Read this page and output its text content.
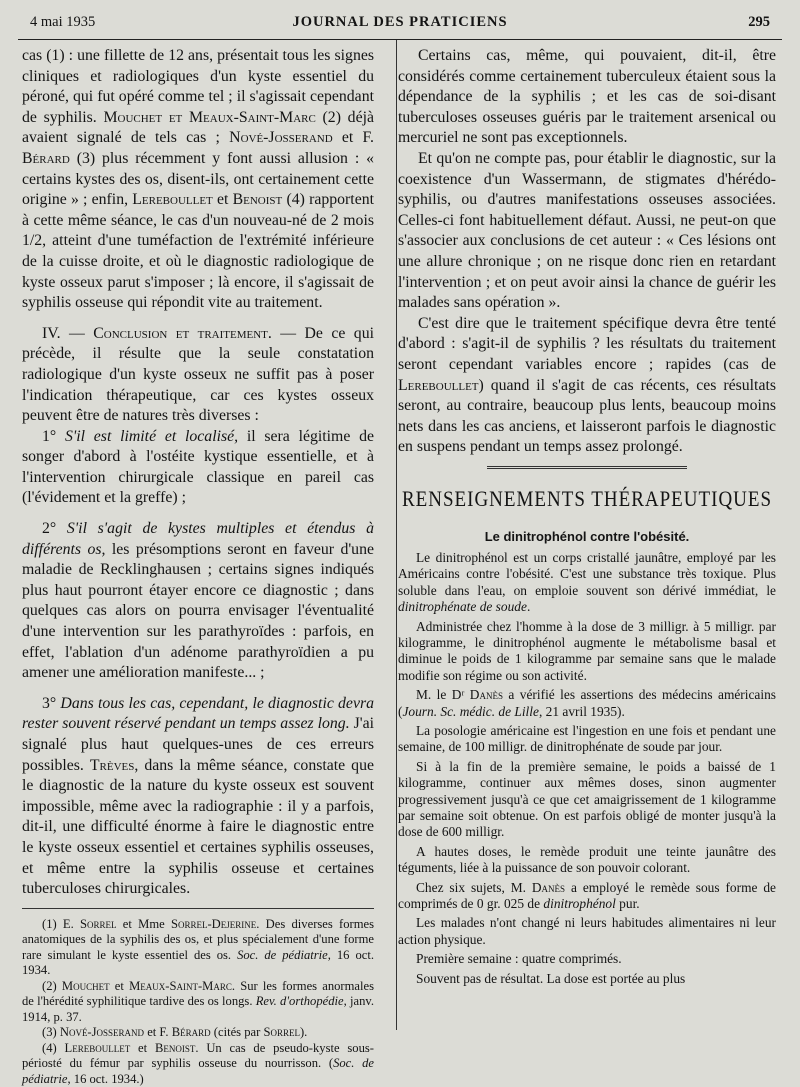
4 mai 1935	JOURNAL DES PRATICIENS	295

cas (1) : une fillette de 12 ans, présentait tous les signes cliniques et radiologiques d'un kyste essentiel du péroné, qui fut opéré comme tel ; il s'agissait cependant de syphilis. Mouchet et Meaux-Saint-Marc (2) déjà avaient signalé de tels cas ; Nové-Josserand et F. Bérard (3) plus récemment y font aussi allusion : « certains kystes des os, disent-ils, ont certainement cette origine » ; enfin, Lereboullet et Benoist (4) rapportent à cette même séance, le cas d'un nouveau-né de 2 mois 1/2, atteint d'une tuméfaction de l'extrémité inférieure de la cuisse droite, et où le diagnostic radiologique de kyste osseux parut s'imposer ; là encore, il s'agissait de syphilis osseuse qui répondit vite au traitement.

IV. — Conclusion et traitement. — De ce qui précède, il résulte que la seule constatation radiologique d'un kyste osseux ne suffit pas à poser l'indication thérapeutique, car ces kystes osseux peuvent être de natures très diverses :

1° S'il est limité et localisé, il sera légitime de songer d'abord à l'ostéite kystique essentielle, et à l'intervention chirurgicale classique en pareil cas (l'évidement et la greffe) ;

2° S'il s'agit de kystes multiples et étendus à différents os, les présomptions seront en faveur d'une maladie de Recklinghausen ; certains signes indiqués plus haut pourront étayer encore ce diagnostic ; dans quelques cas alors on pourra envisager l'éventualité d'une intervention sur les parathyroïdes : parfois, en effet, l'ablation d'un adénome parathyroïdien a pu amener une amélioration manifeste... ;

3° Dans tous les cas, cependant, le diagnostic devra rester souvent réservé pendant un temps assez long. J'ai signalé plus haut quelques-unes de ces erreurs possibles. Trèves, dans la même séance, constate que le diagnostic de la nature du kyste osseux est souvent impossible, même avec la radiographie : il y a parfois, dit-il, une difficulté énorme à faire le diagnostic entre le kyste osseux essentiel et certaines syphilis osseuses, et même entre la syphilis osseuse et certaines tuberculoses chirurgicales.

(1) E. Sorrel et Mme Sorrel-Dejerine. Des diverses formes anatomiques de la syphilis des os, et plus spécialement d'une forme rare simulant le kyste essentiel des os. Soc. de pédiatrie, 16 oct. 1934.

(2) Mouchet et Meaux-Saint-Marc. Sur les formes anormales de l'hérédité syphilitique tardive des os longs. Rev. d'orthopédie, janv. 1914, p. 37.

(3) Nové-Josserand et F. Bérard (cités par Sorrel).

(4) Lereboullet et Benoist. Un cas de pseudo-kyste sous-périosté du fémur par syphilis osseuse du nourrisson. (Soc. de pédiatrie, 16 oct. 1934.)

Certains cas, même, qui pouvaient, dit-il, être considérés comme certainement tuberculeux étaient sous la dépendance de la syphilis ; et les cas de soi-disant tuberculoses osseuses guéris par le traitement arsenical ou mercuriel ne sont pas exceptionnels.

Et qu'on ne compte pas, pour établir le diagnostic, sur la coexistence d'un Wassermann, de stigmates d'hérédo-syphilis, ou d'autres manifestations osseuses associées. Celles-ci font habituellement défaut. Aussi, ne peut-on que s'associer aux conclusions de cet auteur : « Ces lésions ont une allure chronique ; on ne risque donc rien en retardant l'intervention ; et on peut avoir ainsi la chance de guérir les malades sans opération ».

C'est dire que le traitement spécifique devra être tenté d'abord : s'agit-il de syphilis ? les résultats du traitement seront cependant variables encore ; rapides (cas de Lereboullet) quand il s'agit de cas récents, ces résultats seront, au contraire, beaucoup plus lents, beaucoup moins nets dans les cas anciens, et laisseront parfois le diagnostic en suspens pendant un temps assez prolongé.

RENSEIGNEMENTS THÉRAPEUTIQUES
Le dinitrophénol contre l'obésité.

Le dinitrophénol est un corps cristallé jaunâtre, employé par les Américains contre l'obésité. C'est une substance très toxique. Plus soluble dans l'eau, on emploie souvent son dérivé immédiat, le dinitrophénate de soude.

Administrée chez l'homme à la dose de 3 milligr. à 5 milligr. par kilogramme, le dinitrophénol augmente le métabolisme basal et diminue le poids de 1 kilogramme par semaine sans que le malade modifie son régime ou son activité.

M. le Dʳ Danès a vérifié les assertions des médecins américains (Journ. Sc. médic. de Lille, 21 avril 1935).

La posologie américaine est l'ingestion en une fois et pendant une semaine, de 100 milligr. de dinitrophénate de soude par jour.

Si à la fin de la première semaine, le poids a baissé de 1 kilogramme, continuer aux mêmes doses, sinon augmenter progressivement jusqu'à ce que cet amaigrissement de 1 kilogramme par semaine soit obtenue. On est parfois obligé de monter jusqu'à la dose de 600 milligr.

A hautes doses, le remède produit une teinte jaunâtre des téguments, liée à la puissance de son pouvoir colorant.

Chez six sujets, M. Danès a employé le remède sous forme de comprimés de 0 gr. 025 de dinitrophénol pur.

Les malades n'ont changé ni leurs habitudes alimentaires ni leur action physique.

Première semaine : quatre comprimés.

Souvent pas de résultat. La dose est portée au plus
